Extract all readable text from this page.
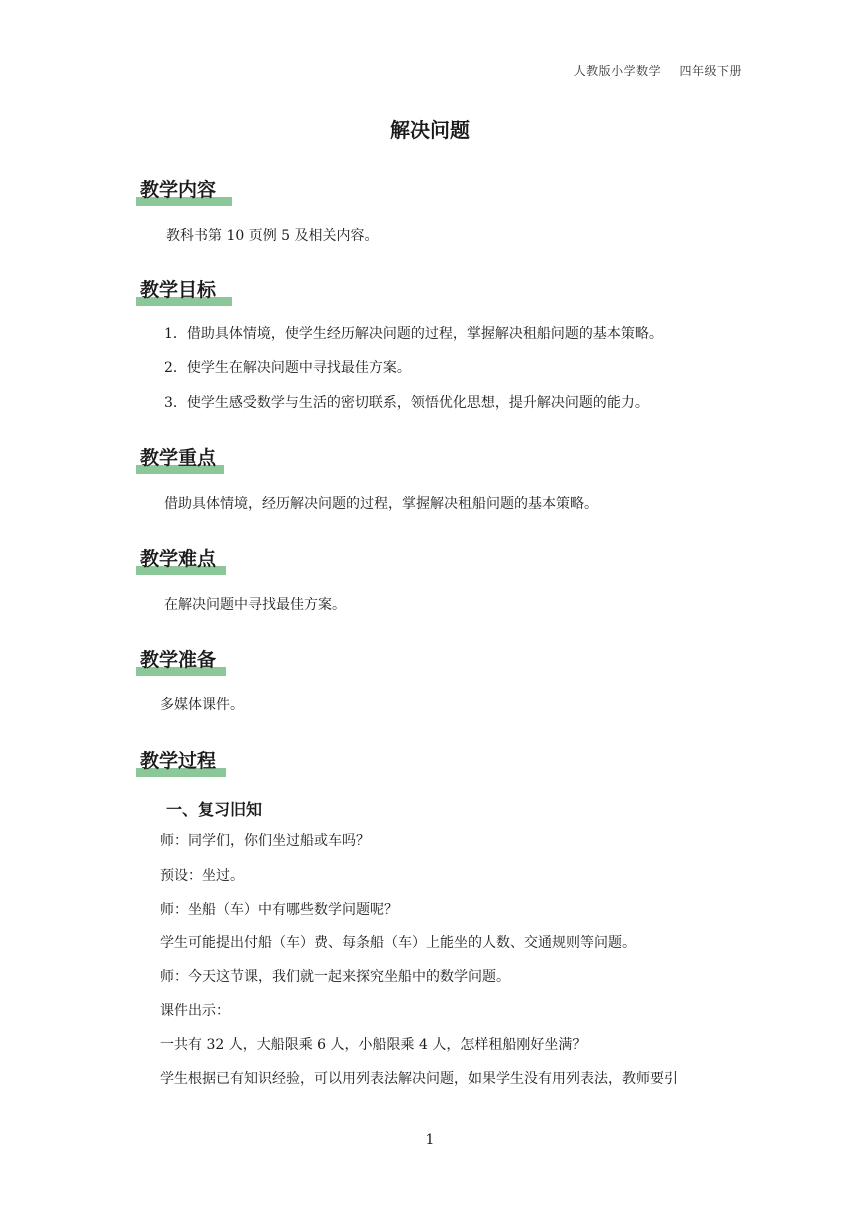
人教版小学数学 四年级下册
解决问题
教学内容
教科书第 10 页例 5 及相关内容。
教学目标
1．借助具体情境，使学生经历解决问题的过程，掌握解决租船问题的基本策略。
2．使学生在解决问题中寻找最佳方案。
3．使学生感受数学与生活的密切联系，领悟优化思想，提升解决问题的能力。
教学重点
借助具体情境，经历解决问题的过程，掌握解决租船问题的基本策略。
教学难点
在解决问题中寻找最佳方案。
教学准备
多媒体课件。
教学过程
一、复习旧知
师：同学们，你们坐过船或车吗？
预设：坐过。
师：坐船（车）中有哪些数学问题呢？
学生可能提出付船（车）费、每条船（车）上能坐的人数、交通规则等问题。
师：今天这节课，我们就一起来探究坐船中的数学问题。
课件出示：
一共有 32 人，大船限乘 6 人，小船限乘 4 人，怎样租船刚好坐满？
学生根据已有知识经验，可以用列表法解决问题，如果学生没有用列表法，教师要引
1
